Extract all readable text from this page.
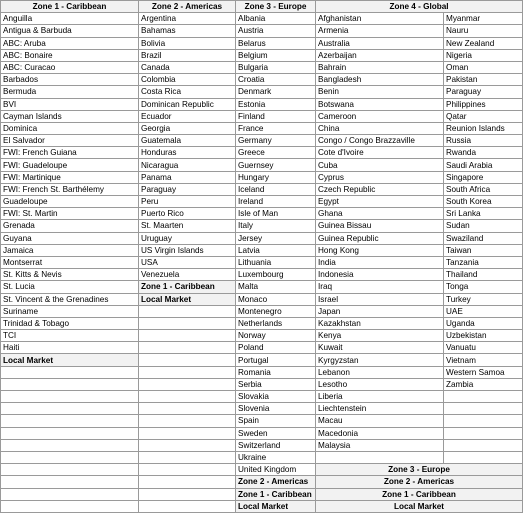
Zone 1 - Caribbean	Zone 2 - Americas	Zone 3 - Europe	Zone 4 - Global	
Anguilla	Argentina	Albania	Afghanistan	Myanmar
Antigua & Barbuda	Bahamas	Austria	Armenia	Nauru
ABC: Aruba	Bolivia	Belarus	Australia	New Zealand
ABC: Bonaire	Brazil	Belgium	Azerbaijan	Nigeria
ABC: Curacao	Canada	Bulgaria	Bahrain	Oman
Barbados	Colombia	Croatia	Bangladesh	Pakistan
Bermuda	Costa Rica	Denmark	Benin	Paraguay
BVI	Dominican Republic	Estonia	Botswana	Philippines
Cayman Islands	Ecuador	Finland	Cameroon	Qatar
Dominica	Georgia	France	China	Reunion Islands
El Salvador	Guatemala	Germany	Congo / Congo Brazzaville	Russia
FWI: French Guiana	Honduras	Greece	Cote d'Ivoire	Rwanda
FWI: Guadeloupe	Nicaragua	Guernsey	Cuba	Saudi Arabia
FWI: Martinique	Panama	Hungary	Cyprus	Singapore
FWI: French St. Barthélemy	Paraguay	Iceland	Czech Republic	South Africa
Guadeloupe	Peru	Ireland	Egypt	South Korea
FWI: St. Martin	Puerto Rico	Isle of Man	Ghana	Sri Lanka
Grenada	St. Maarten	Italy	Guinea Bissau	Sudan
Guyana	Uruguay	Jersey	Guinea Republic	Swaziland
Jamaica	US Virgin Islands	Latvia	Hong Kong	Taiwan
Montserrat	USA	Lithuania	India	Tanzania
St. Kitts & Nevis	Venezuela	Luxembourg	Indonesia	Thailand
St. Lucia	Zone 1 - Caribbean	Malta	Iraq	Tonga
St. Vincent & the Grenadines	Local Market	Monaco	Israel	Turkey
Suriname		Montenegro	Japan	UAE
Trinidad & Tobago		Netherlands	Kazakhstan	Uganda
TCI		Norway	Kenya	Uzbekistan
Haiti		Poland	Kuwait	Vanuatu
Local Market		Portugal	Kyrgyzstan	Vietnam
		Romania	Lebanon	Western Samoa
		Serbia	Lesotho	Zambia
		Slovakia	Liberia	
		Slovenia	Liechtenstein	
		Spain	Macau	
		Sweden	Macedonia	
		Switzerland	Malaysia	
		Ukraine		
		United Kingdom	Zone 3 - Europe	
		Zone 2 - Americas	Zone 2 - Americas	
		Zone 1 - Caribbean	Zone 1 - Caribbean	
		Local Market	Local Market	
